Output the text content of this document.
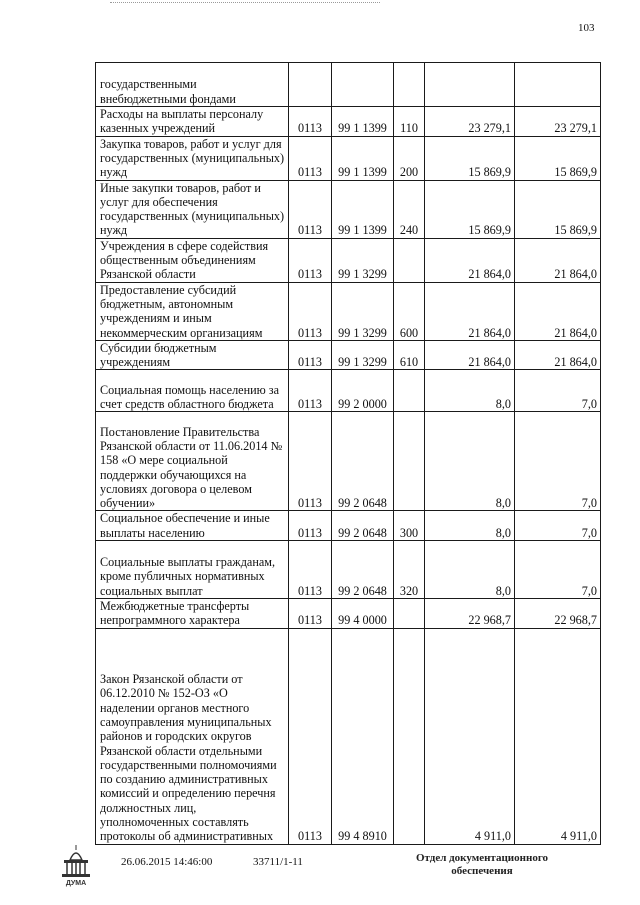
103
государственными внебюджетными фондами					
Расходы на выплаты персоналу казенных учреждений	0113	99 1 1399	110	23 279,1	23 279,1
Закупка товаров, работ и услуг для государственных (муниципальных) нужд	0113	99 1 1399	200	15 869,9	15 869,9
Иные закупки товаров, работ и услуг для обеспечения государственных (муниципальных) нужд	0113	99 1 1399	240	15 869,9	15 869,9
Учреждения в сфере содействия общественным объединениям Рязанской области	0113	99 1 3299		21 864,0	21 864,0
Предоставление субсидий бюджетным, автономным учреждениям и иным некоммерческим организациям	0113	99 1 3299	600	21 864,0	21 864,0
Субсидии бюджетным учреждениям	0113	99 1 3299	610	21 864,0	21 864,0
Социальная помощь населению за счет средств областного бюджета	0113	99 2 0000		8,0	7,0
Постановление Правительства Рязанской области от 11.06.2014 № 158 «О мере социальной поддержки обучающихся на условиях договора о целевом обучении»	0113	99 2 0648		8,0	7,0
Социальное обеспечение и иные выплаты населению	0113	99 2 0648	300	8,0	7,0
Социальные выплаты гражданам, кроме публичных нормативных социальных выплат	0113	99 2 0648	320	8,0	7,0
Межбюджетные трансферты непрограммного характера	0113	99 4 0000		22 968,7	22 968,7
Закон Рязанской области от 06.12.2010 № 152-ОЗ «О наделении органов местного самоуправления муниципальных районов и городских округов Рязанской области отдельными государственными полномочиями по созданию административных комиссий и определению перечня должностных лиц, уполномоченных составлять протоколы об административных	0113	99 4 8910		4 911,0	4 911,0
ДУМА
26.06.2015 14:46:00	33711/1-11	Отдел документационного обеспечения
